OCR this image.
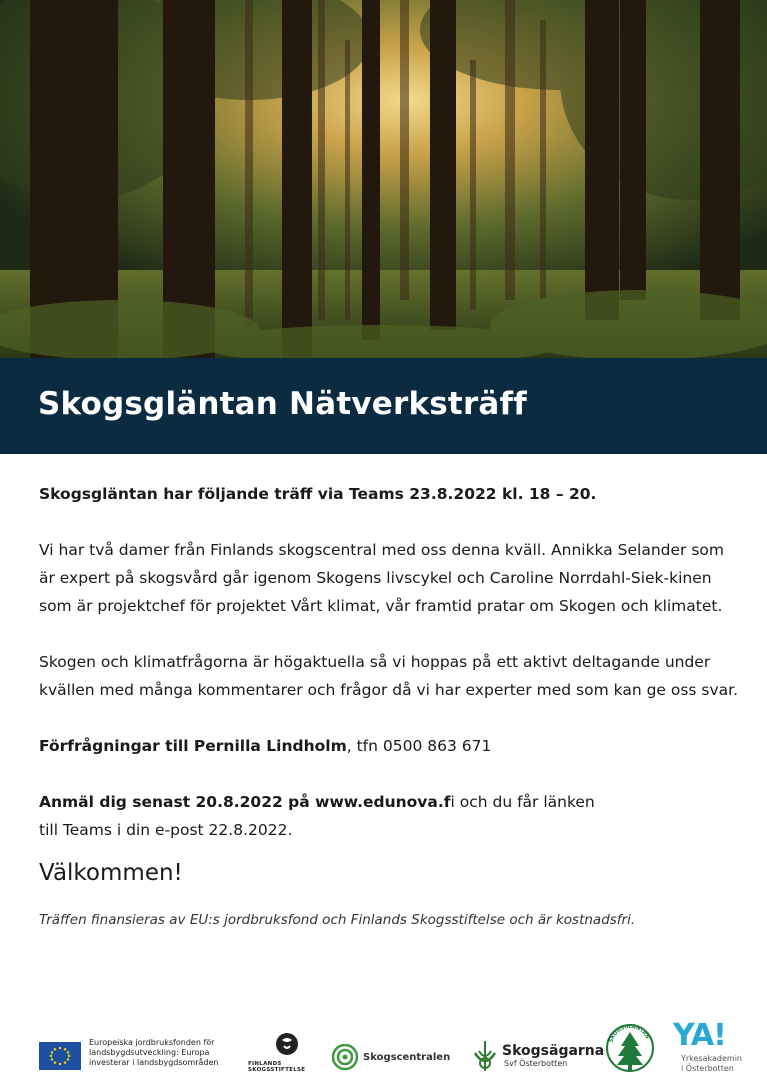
Skogsgläntan Nätverksträff

Skogsgläntan har följande träff via Teams 23.8.2022 kl. 18 – 20.

Vi har två damer från Finlands skogscentral med oss denna kväll. Annikka Selander som är expert på skogsvård går igenom Skogens livscykel och Caroline Norrdahl-Siek-kinen som är projektchef för projektet Vårt klimat, vår framtid pratar om Skogen och klimatet.

Skogen och klimatfrågorna är högaktuella så vi hoppas på ett aktivt deltagande under kvällen med många kommentarer och frågor då vi har experter med som kan ge oss svar.

Förfrågningar till Pernilla Lindholm, tfn 0500 863 671

Anmäl dig senast 20.8.2022 på www.edunova.fi och du får länken

till Teams i din e-post 22.8.2022.

Välkommen!

Träffen finansieras av EU:s jordbruksfond och Finlands Skogsstiftelse och är kostnadsfri.

Europeiska jordbruksfonden för landsbygdsutveckling: Europa investerar i landsbygdsområden	FINLANDS SKOGSSTIFTELSE
Skogscentralen	Skogsägarna
Svf Österbotten
SKOGSGLÄNTAN YA!
Yrkesakademin
i Österbotten
